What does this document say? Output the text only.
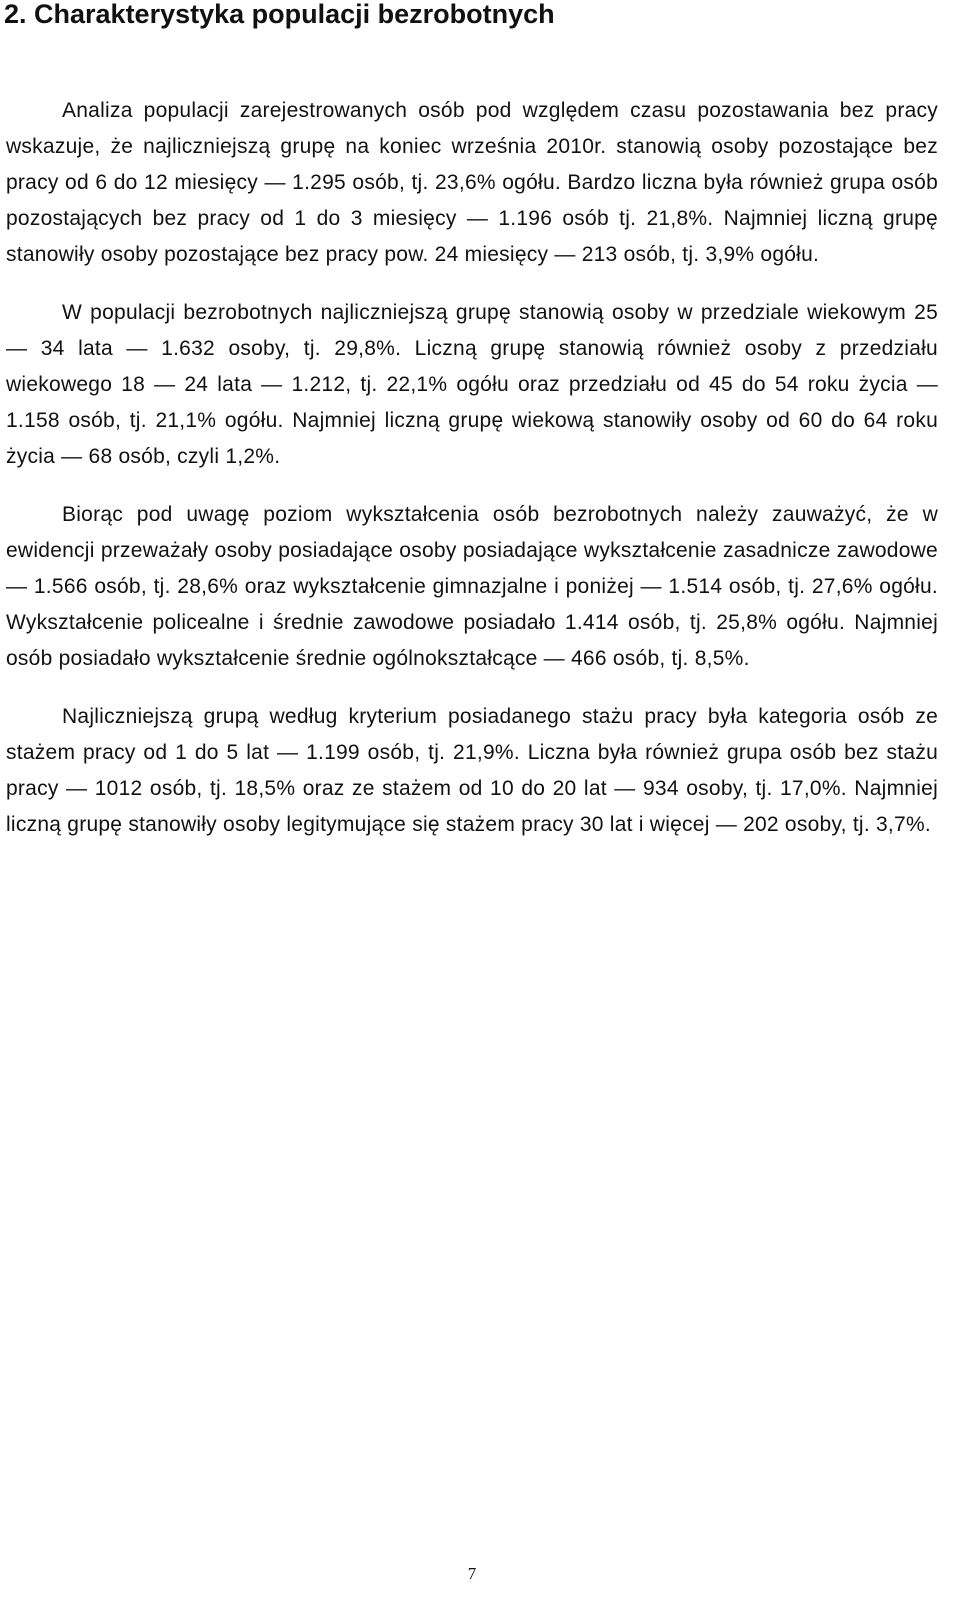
2. Charakterystyka populacji bezrobotnych

Analiza populacji zarejestrowanych osób pod względem czasu pozostawania bez pracy wskazuje, że najliczniejszą grupę na koniec września 2010r. stanowią osoby pozostające bez pracy od 6 do 12 miesięcy — 1.295 osób, tj. 23,6% ogółu. Bardzo liczna była również grupa osób pozostających bez pracy od 1 do 3 miesięcy — 1.196 osób tj. 21,8%. Najmniej liczną grupę stanowiły osoby pozostające bez pracy pow. 24 miesięcy — 213 osób, tj. 3,9% ogółu.

W populacji bezrobotnych najliczniejszą grupę stanowią osoby w przedziale wiekowym 25 — 34 lata — 1.632 osoby, tj. 29,8%. Liczną grupę stanowią również osoby z przedziału wiekowego 18 — 24 lata — 1.212, tj. 22,1% ogółu oraz przedziału od 45 do 54 roku życia — 1.158 osób, tj. 21,1% ogółu. Najmniej liczną grupę wiekową stanowiły osoby od 60 do 64 roku życia — 68 osób, czyli 1,2%.

Biorąc pod uwagę poziom wykształcenia osób bezrobotnych należy zauważyć, że w ewidencji przeważały osoby posiadające osoby posiadające wykształcenie zasadnicze zawodowe — 1.566 osób, tj. 28,6% oraz wykształcenie gimnazjalne i poniżej — 1.514 osób, tj. 27,6% ogółu. Wykształcenie policealne i średnie zawodowe posiadało 1.414 osób, tj. 25,8% ogółu. Najmniej osób posiadało wykształcenie średnie ogólnokształcące — 466 osób, tj. 8,5%.

Najliczniejszą grupą według kryterium posiadanego stażu pracy była kategoria osób ze stażem pracy od 1 do 5 lat — 1.199 osób, tj. 21,9%. Liczna była również grupa osób bez stażu pracy — 1012 osób, tj. 18,5% oraz ze stażem od 10 do 20 lat — 934 osoby, tj. 17,0%. Najmniej liczną grupę stanowiły osoby legitymujące się stażem pracy 30 lat i więcej — 202 osoby, tj. 3,7%.

7
